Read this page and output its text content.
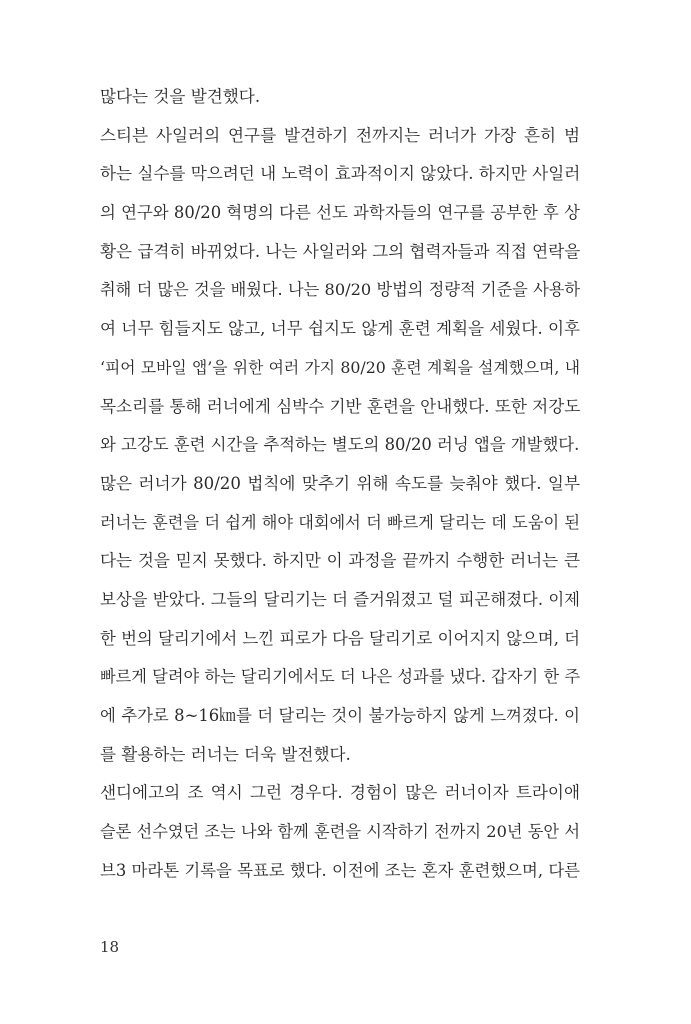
많다는 것을 발견했다.
스티븐 사일러의 연구를 발견하기 전까지는 러너가 가장 흔히 범
하는 실수를 막으려던 내 노력이 효과적이지 않았다. 하지만 사일러
의 연구와 80/20 혁명의 다른 선도 과학자들의 연구를 공부한 후 상
황은 급격히 바뀌었다. 나는 사일러와 그의 협력자들과 직접 연락을
취해 더 많은 것을 배웠다. 나는 80/20 방법의 정량적 기준을 사용하
여 너무 힘들지도 않고, 너무 쉽지도 않게 훈련 계획을 세웠다. 이후
‘피어 모바일 앱’을 위한 여러 가지 80/20 훈련 계획을 설계했으며, 내
목소리를 통해 러너에게 심박수 기반 훈련을 안내했다. 또한 저강도
와 고강도 훈련 시간을 추적하는 별도의 80/20 러닝 앱을 개발했다.
많은 러너가 80/20 법칙에 맞추기 위해 속도를 늦춰야 했다. 일부
러너는 훈련을 더 쉽게 해야 대회에서 더 빠르게 달리는 데 도움이 된
다는 것을 믿지 못했다. 하지만 이 과정을 끝까지 수행한 러너는 큰
보상을 받았다. 그들의 달리기는 더 즐거워졌고 덜 피곤해졌다. 이제
한 번의 달리기에서 느낀 피로가 다음 달리기로 이어지지 않으며, 더
빠르게 달려야 하는 달리기에서도 더 나은 성과를 냈다. 갑자기 한 주
에 추가로 8~16㎞를 더 달리는 것이 불가능하지 않게 느껴졌다. 이
를 활용하는 러너는 더욱 발전했다.
샌디에고의 조 역시 그런 경우다. 경험이 많은 러너이자 트라이애
슬론 선수였던 조는 나와 함께 훈련을 시작하기 전까지 20년 동안 서
브3 마라톤 기록을 목표로 했다. 이전에 조는 혼자 훈련했으며, 다른
18
